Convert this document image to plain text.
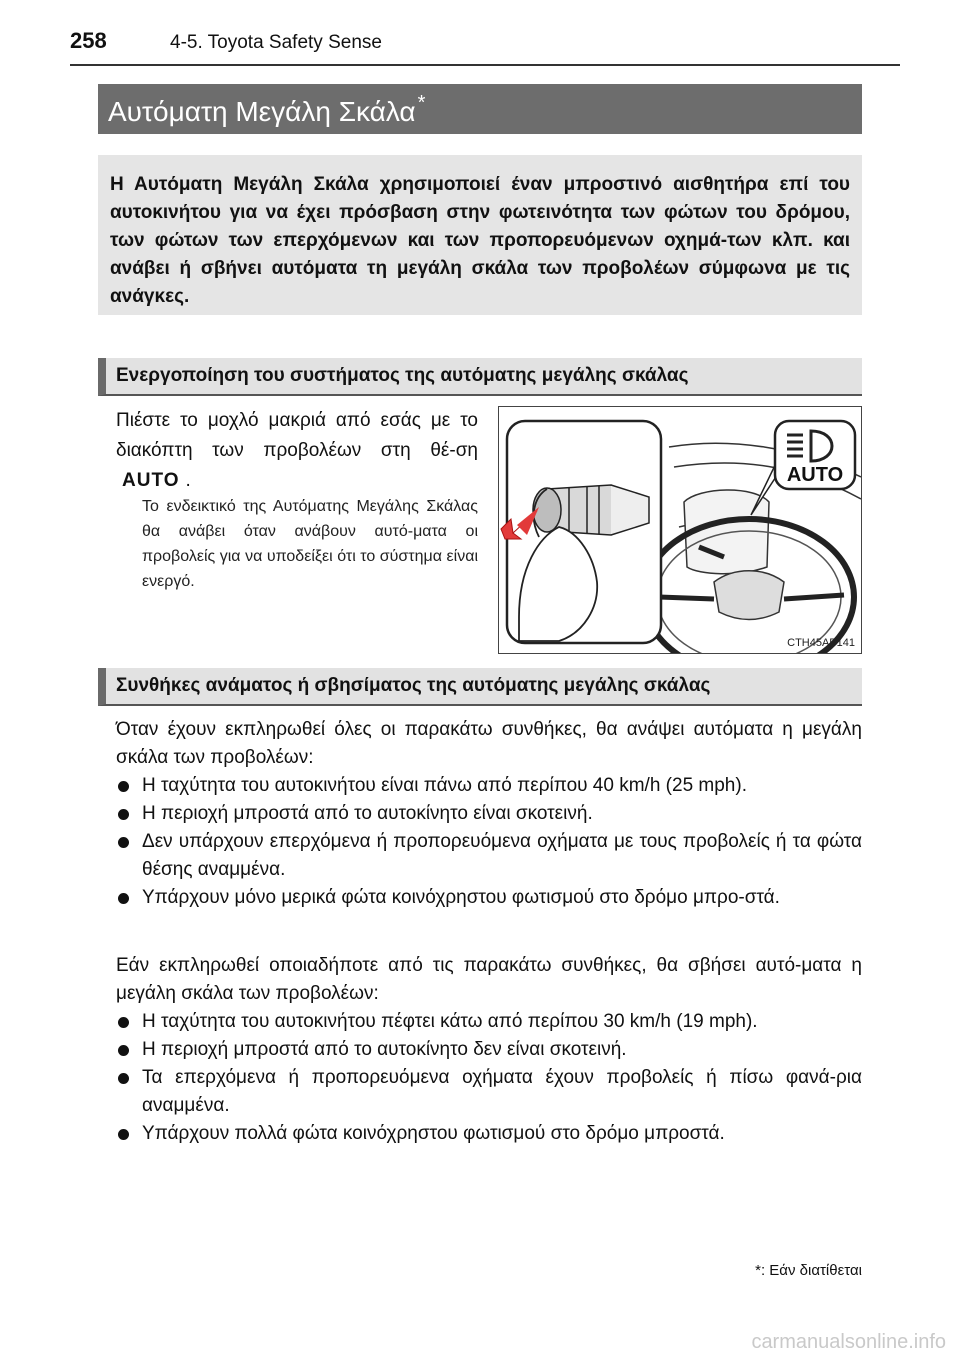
258	4-5. Toyota Safety Sense
Αυτόματη Μεγάλη Σκάλα *
Η Αυτόματη Μεγάλη Σκάλα χρησιμοποιεί έναν μπροστινό αισθητήρα επί του αυτοκινήτου για να έχει πρόσβαση στην φωτεινότητα των φώτων του δρόμου, των φώτων των επερχόμενων και των προπορευόμενων οχημά-των κλπ. και ανάβει ή σβήνει αυτόματα τη μεγάλη σκάλα των προβολέων σύμφωνα με τις ανάγκες.
Ενεργοποίηση του συστήματος της αυτόματης μεγάλης σκάλας
Πιέστε το μοχλό μακριά από εσάς με το διακόπτη των προβολέων στη θέ-ση AUTO .
Το ενδεικτικό της Αυτόματης Μεγάλης Σκάλας θα ανάβει όταν ανάβουν αυτό-ματα οι προβολείς για να υποδείξει ότι το σύστημα είναι ενεργό.
AUTO
CTH45AP141
Συνθήκες ανάματος ή σβησίματος της αυτόματης μεγάλης σκάλας
Όταν έχουν εκπληρωθεί όλες οι παρακάτω συνθήκες, θα ανάψει αυτόματα η μεγάλη σκάλα των προβολέων:
Η ταχύτητα του αυτοκινήτου είναι πάνω από περίπου 40 km/h (25 mph).
Η περιοχή μπροστά από το αυτοκίνητο είναι σκοτεινή.
Δεν υπάρχουν επερχόμενα ή προπορευόμενα οχήματα με τους προβολείς ή τα φώτα θέσης αναμμένα.
Υπάρχουν μόνο μερικά φώτα κοινόχρηστου φωτισμού στο δρόμο μπρο-στά.
Εάν εκπληρωθεί οποιαδήποτε από τις παρακάτω συνθήκες, θα σβήσει αυτό-ματα η μεγάλη σκάλα των προβολέων:
Η ταχύτητα του αυτοκινήτου πέφτει κάτω από περίπου 30 km/h (19 mph).
Η περιοχή μπροστά από το αυτοκίνητο δεν είναι σκοτεινή.
Τα επερχόμενα ή προπορευόμενα οχήματα έχουν προβολείς ή πίσω φανά-ρια αναμμένα.
Υπάρχουν πολλά φώτα κοινόχρηστου φωτισμού στο δρόμο μπροστά.
*: Εάν διατίθεται
carmanualsonline.info
